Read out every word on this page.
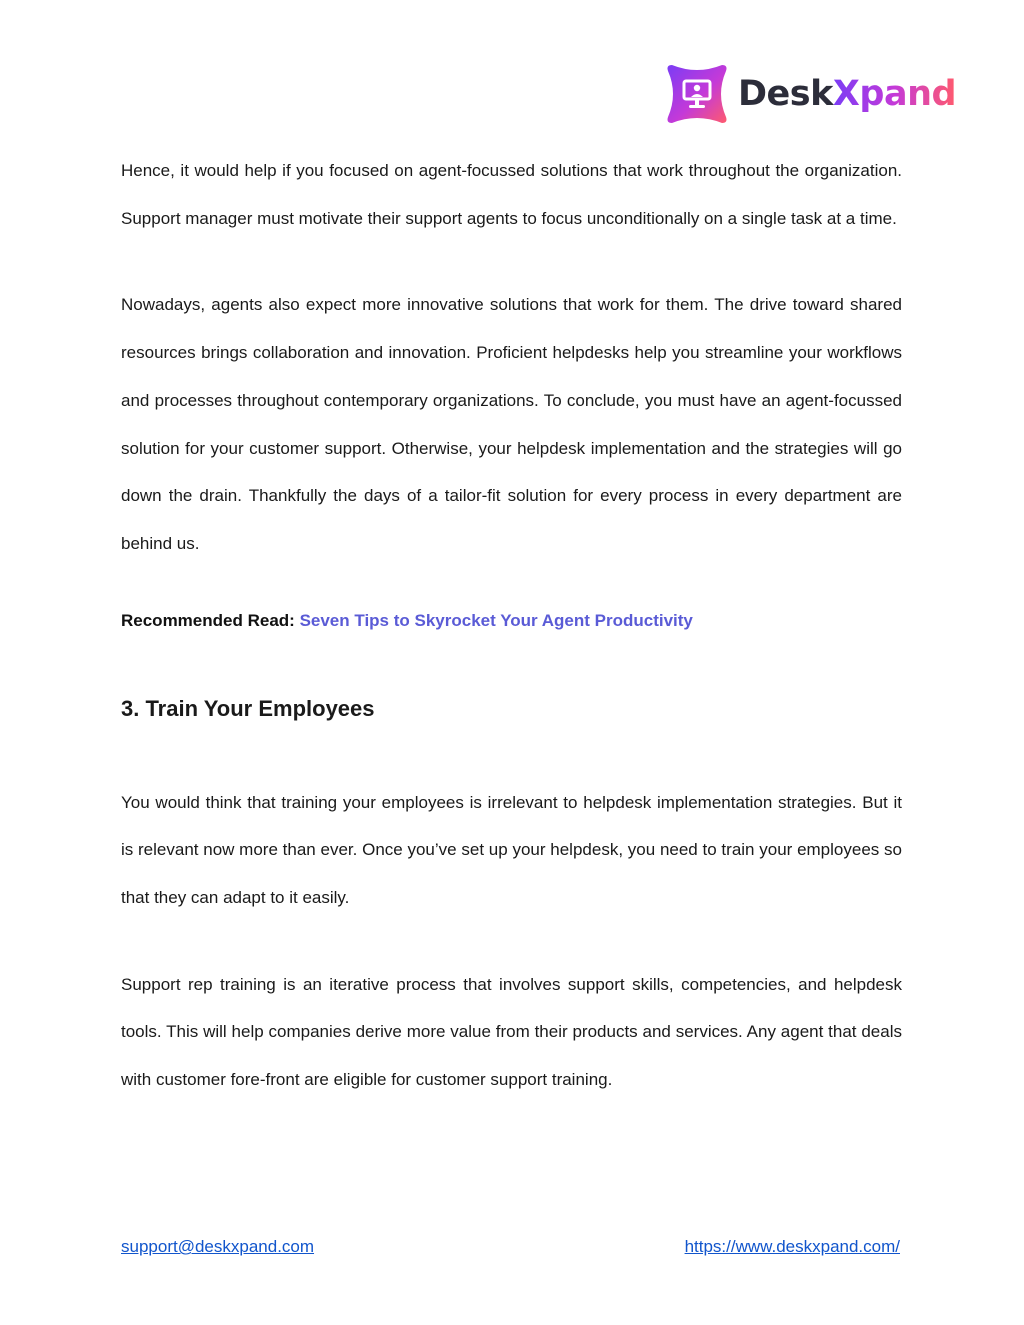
DeskXpand

Hence, it would help if you focused on agent-focussed solutions that work throughout the organization. Support manager must motivate their support agents to focus unconditionally on a single task at a time.

Nowadays, agents also expect more innovative solutions that work for them. The drive toward shared resources brings collaboration and innovation. Proficient helpdesks help you streamline your workflows and processes throughout contemporary organizations. To conclude, you must have an agent-focussed solution for your customer support. Otherwise, your helpdesk implementation and the strategies will go down the drain. Thankfully the days of a tailor-fit solution for every process in every department are behind us.

Recommended Read: Seven Tips to Skyrocket Your Agent Productivity
3. Train Your Employees

You would think that training your employees is irrelevant to helpdesk implementation strategies. But it is relevant now more than ever. Once you’ve set up your helpdesk, you need to train your employees so that they can adapt to it easily.

Support rep training is an iterative process that involves support skills, competencies, and helpdesk tools. This will help companies derive more value from their products and services. Any agent that deals with customer fore-front are eligible for customer support training.

support@deskxpand.com	https://www.deskxpand.com/
